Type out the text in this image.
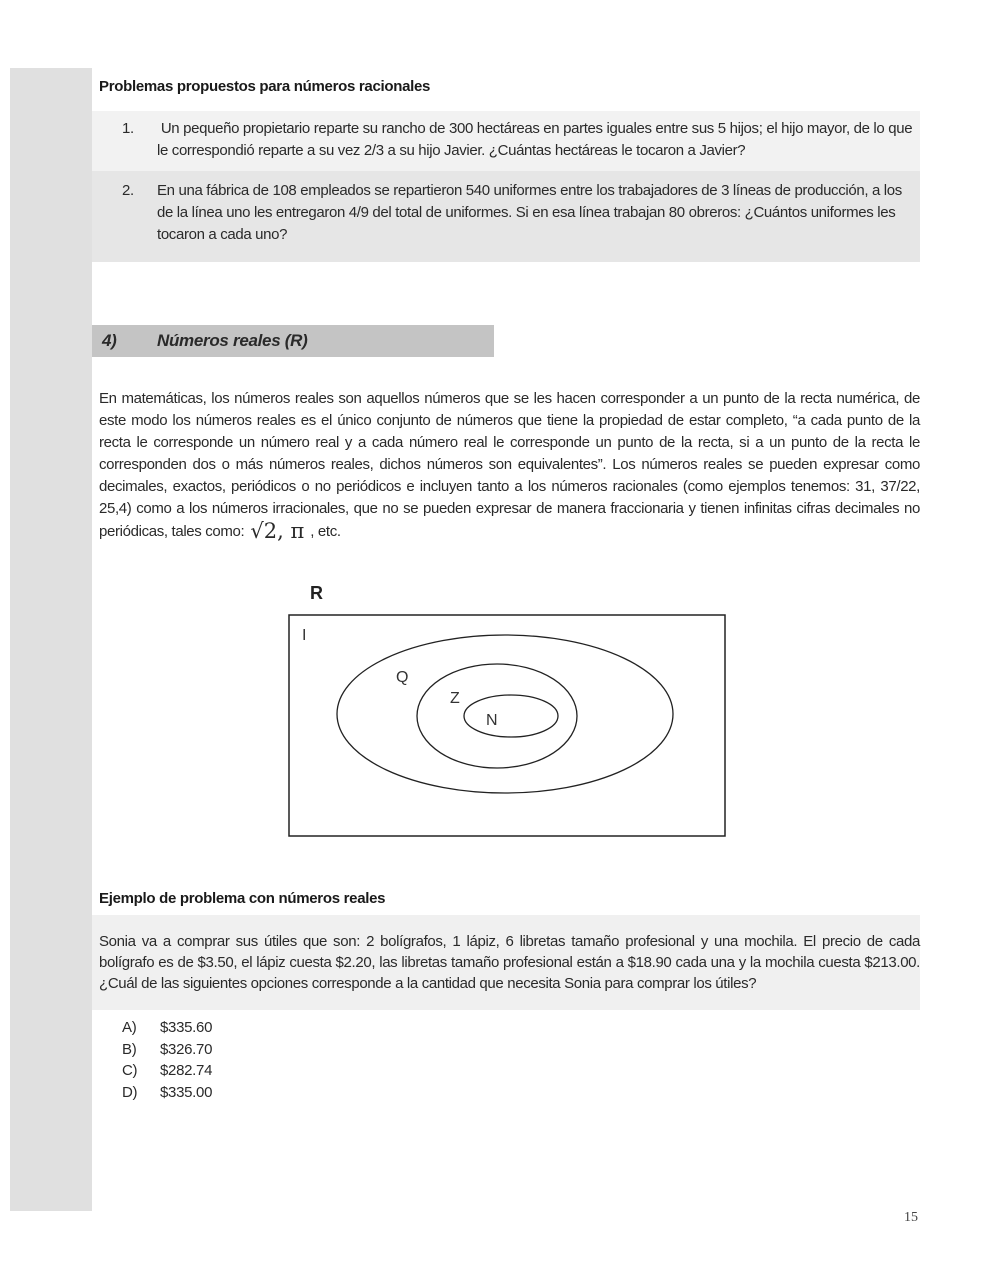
Problemas propuestos para números racionales
1.	Un pequeño propietario reparte su rancho de 300 hectáreas en partes iguales entre sus 5 hijos; el hijo mayor, de lo que le correspondió reparte a su vez 2/3 a su hijo Javier. ¿Cuántas hectáreas le tocaron a Javier?
2.	En una fábrica de 108 empleados se repartieron 540 uniformes entre los trabajadores de 3 líneas de producción, a los de la línea uno les entregaron 4/9 del total de uniformes. Si en esa línea trabajan 80 obreros: ¿Cuántos uniformes les tocaron a cada uno?
4) Números reales (R)
En matemáticas, los números reales son aquellos números que se les hacen corresponder a un punto de la recta numérica, de este modo los números reales es el único conjunto de números que tiene la propiedad de estar completo, “a cada punto de la recta le corresponde un número real y a cada número real le corresponde un punto de la recta, si a un punto de la recta le corresponden dos o más números reales, dichos números son equivalentes”. Los números reales se pueden expresar como decimales, exactos, periódicos o no periódicos e incluyen tanto a los números racionales (como ejemplos tenemos: 31, 37/22, 25,4) como a los números irracionales, que no se pueden expresar de manera fraccionaria y tienen infinitas cifras decimales no periódicas, tales como: √2, π , etc.
R
I
Q
Z
N
Ejemplo de problema con números reales
Sonia va a comprar sus útiles que son: 2 bolígrafos, 1 lápiz, 6 libretas tamaño profesional y una mochila. El precio de cada bolígrafo es de $3.50, el lápiz cuesta $2.20, las libretas tamaño profesional están a $18.90 cada una y la mochila cuesta $213.00. ¿Cuál de las siguientes opciones corresponde a la cantidad que necesita Sonia para comprar los útiles?
A)	$335.60
B)	$326.70
C)	$282.74
D)	$335.00
15
